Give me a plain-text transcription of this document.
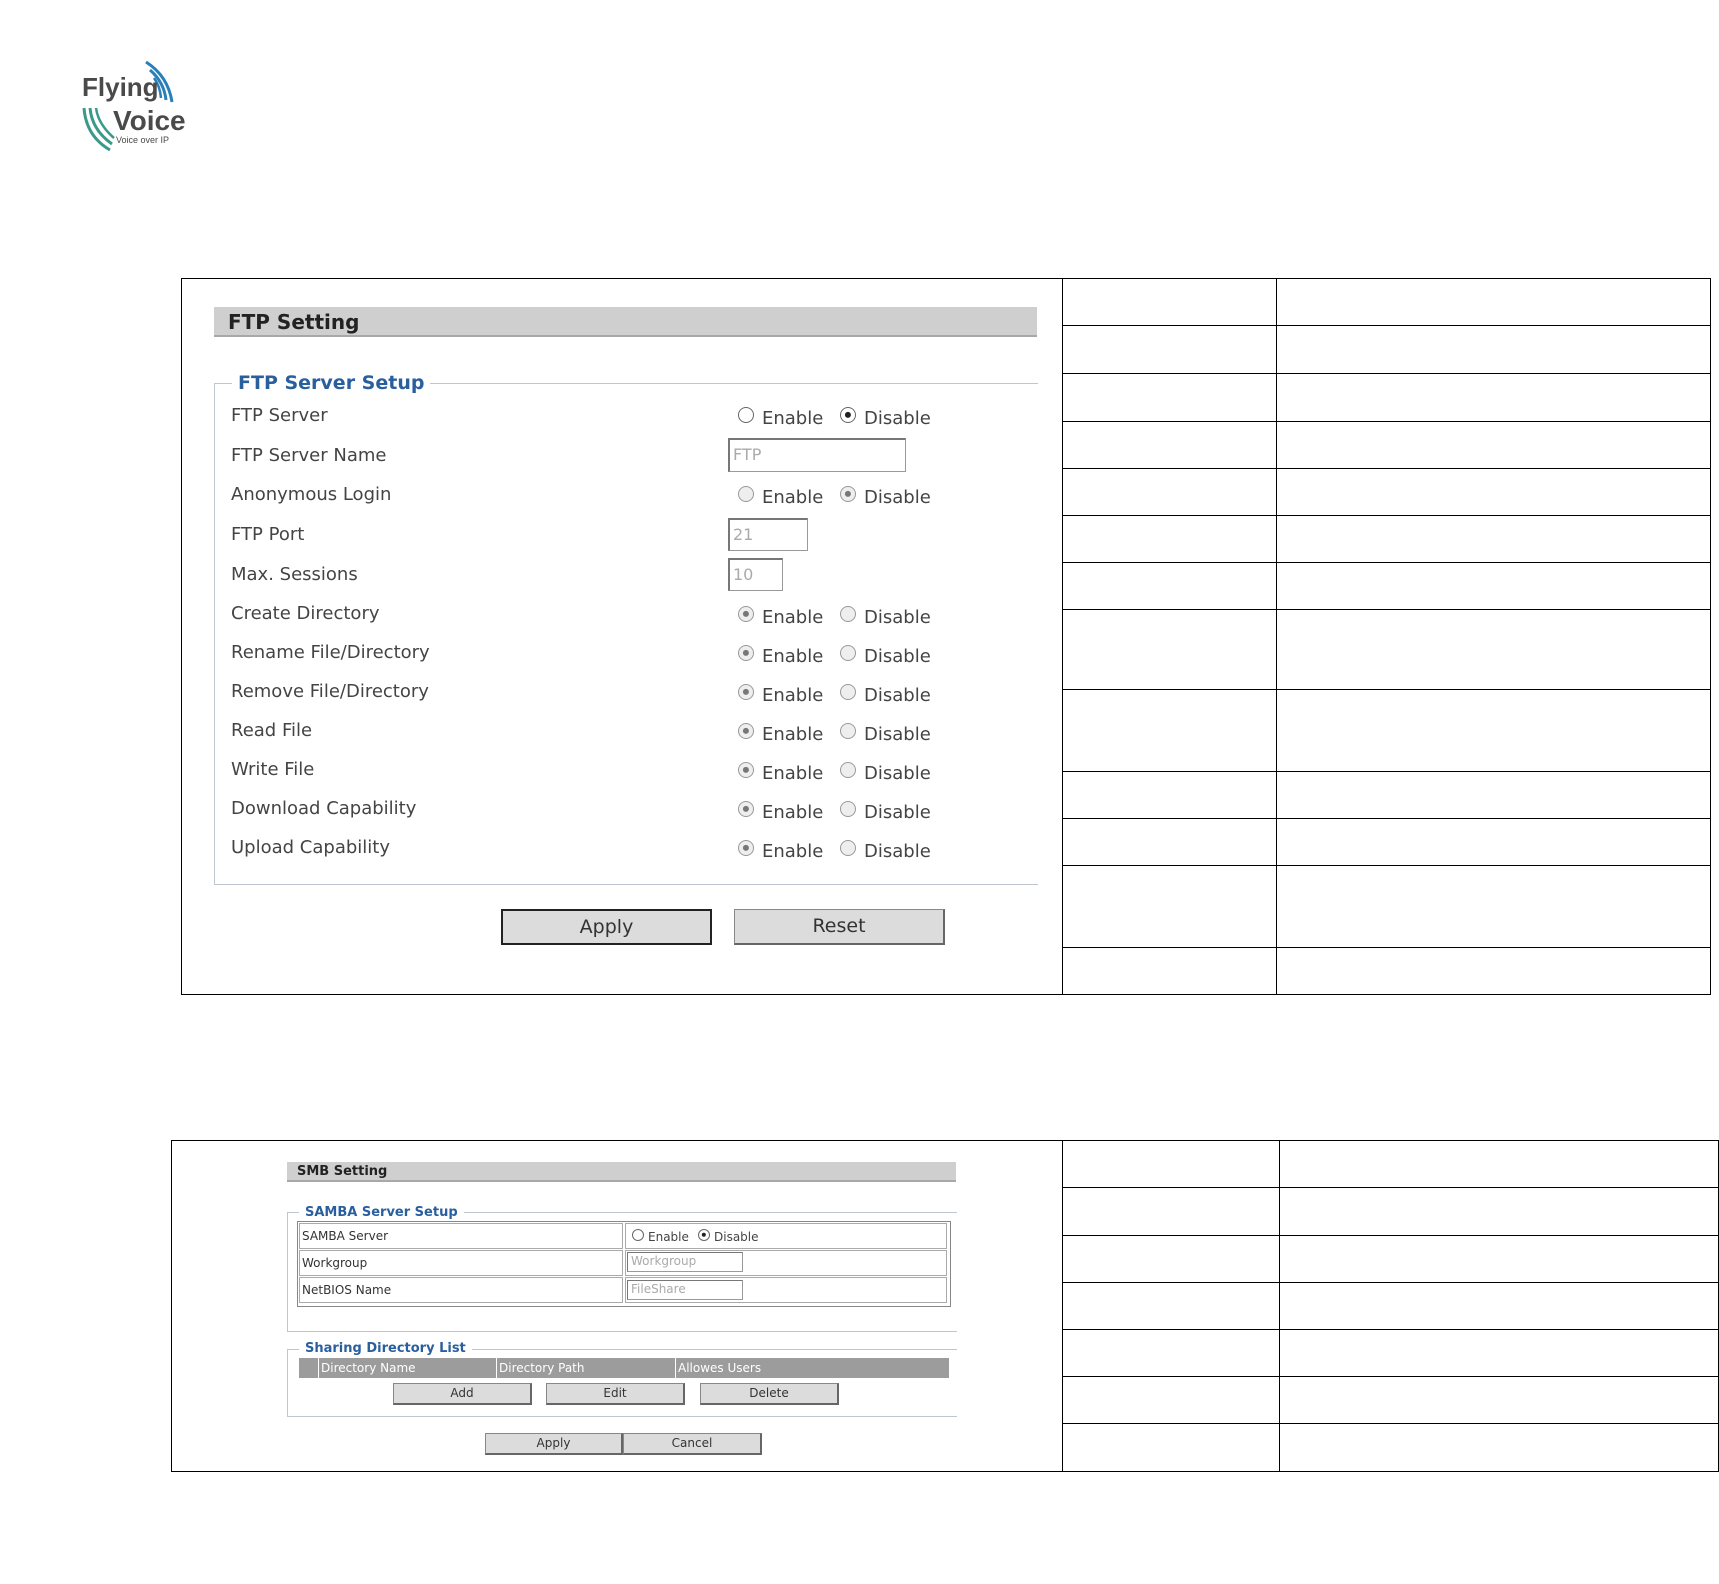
Flying
Voice
Voice over IP
FTP Setting
FTP Server Setup
FTP Server	Enable Disable
FTP Server Name	FTP
Anonymous Login	Enable Disable
FTP Port	21
Max. Sessions	10
Create Directory	Enable Disable
Rename File/Directory	Enable Disable
Remove File/Directory	Enable Disable
Read File	Enable Disable
Write File	Enable Disable
Download Capability	Enable Disable
Upload Capability	Enable Disable
Apply	Reset
SMB Setting
SAMBA Server Setup
SAMBA Server	Enable Disable
Workgroup	Workgroup
NetBIOS Name	FileShare
Sharing Directory List
Directory Name	Directory Path	Allowes Users
Add	Edit	Delete
Apply	Cancel
